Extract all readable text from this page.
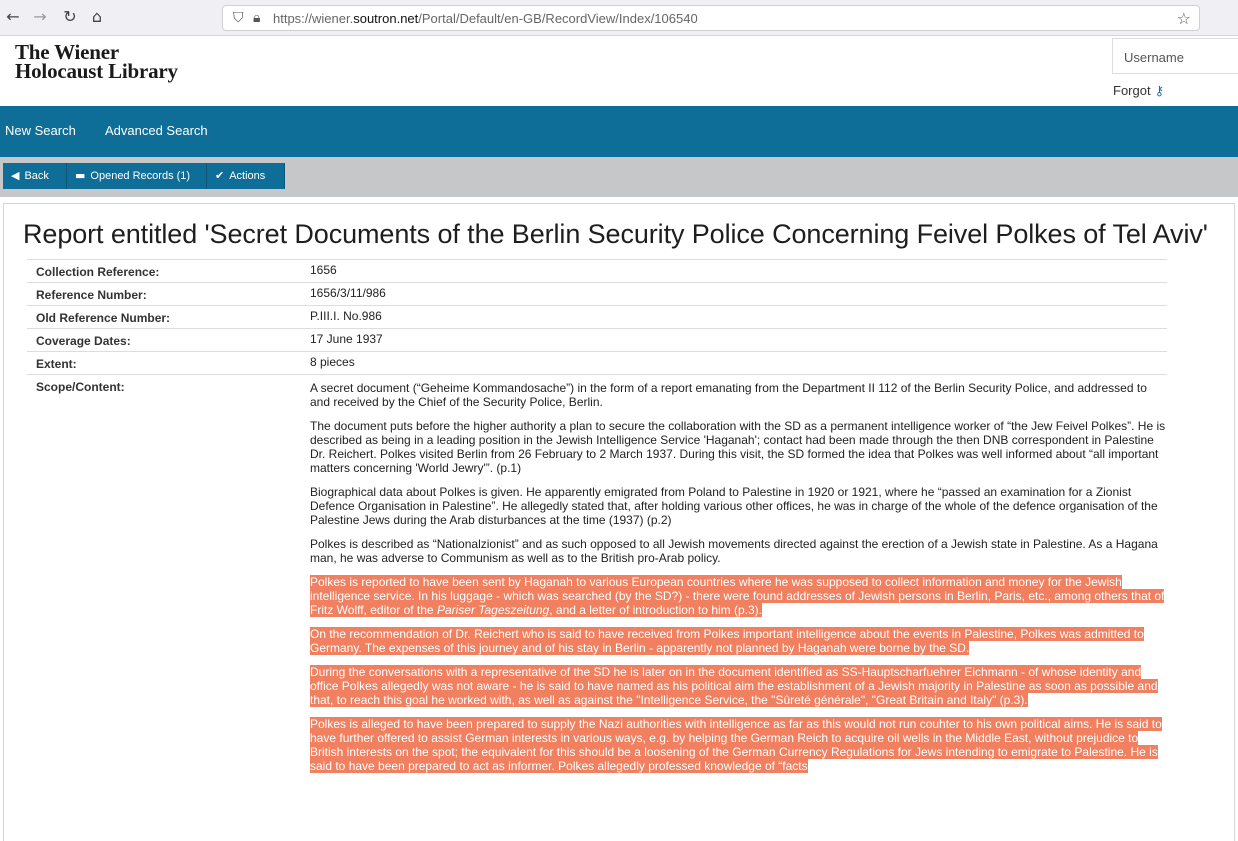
← → ↻ ⌂	⛉ 🔒︎ https://wiener.soutron.net/Portal/Default/en-GB/RecordView/Index/106540	☆
The Wiener
Holocaust Library
Username
Forgot ⚷
New Search Advanced Search
◀ Back	▬ Opened Records (1)	✔ Actions
Report entitled 'Secret Documents of the Berlin Security Police Concerning Feivel Polkes of Tel Aviv'
Collection Reference:	1656
Reference Number:	1656/3/11/986
Old Reference Number:	P.III.I. No.986
Coverage Dates:	17 June 1937
Extent:	8 pieces
Scope/Content:	A secret document (“Geheime Kommandosache”) in the form of a report emanating from the Department II 112 of the Berlin Security Police, and addressed to and received by the Chief of the Security Police, Berlin.

The document puts before the higher authority a plan to secure the collaboration with the SD as a permanent intelligence worker of “the Jew Feivel Polkes”. He is described as being in a leading position in the Jewish Intelligence Service 'Haganah'; contact had been made through the then DNB correspondent in Palestine Dr. Reichert. Polkes visited Berlin from 26 February to 2 March 1937. During this visit, the SD formed the idea that Polkes was well informed about “all important matters concerning 'World Jewry'”. (p.1)

Biographical data about Polkes is given. He apparently emigrated from Poland to Palestine in 1920 or 1921, where he “passed an examination for a Zionist Defence Organisation in Palestine”. He allegedly stated that, after holding various other offices, he was in charge of the whole of the defence organisation of the Palestine Jews during the Arab disturbances at the time (1937) (p.2)

Polkes is described as “Nationalzionist” and as such opposed to all Jewish movements directed against the erection of a Jewish state in Palestine. As a Hagana man, he was adverse to Communism as well as to the British pro-Arab policy.

Polkes is reported to have been sent by Haganah to various European countries where he was supposed to collect information and money for the Jewish intelligence service. In his luggage - which was searched (by the SD?) - there were found addresses of Jewish persons in Berlin, Paris, etc., among others that of Fritz Wolff, editor of the Pariser Tageszeitung, and a letter of introduction to him (p.3).

On the recommendation of Dr. Reichert who is said to have received from Polkes important intelligence about the events in Palestine, Polkes was admitted to Germany. The expenses of this journey and of his stay in Berlin - apparently not planned by Haganah were borne by the SD.

During the conversations with a representative of the SD he is later on in the document identified as SS-Hauptscharfuehrer Eichmann - of whose identity and office Polkes allegedly was not aware - he is said to have named as his political aim the establishment of a Jewish majority in Palestine as soon as possible and that, to reach this goal he worked with, as well as against the "Intelligence Service, the "Sûreté générale", "Great Britain and Italy" (p.3).

Polkes is alleged to have been prepared to supply the Nazi authorities with intelligence as far as this would not run couhter to his own political aims. He is said to have further offered to assist German interests in various ways, e.g. by helping the German Reich to acquire oil wells in the Middle East, without prejudice to British interests on the spot; the equivalent for this should be a loosening of the German Currency Regulations for Jews intending to emigrate to Palestine. He is said to have been prepared to act as informer. Polkes allegedly professed knowledge of “facts
